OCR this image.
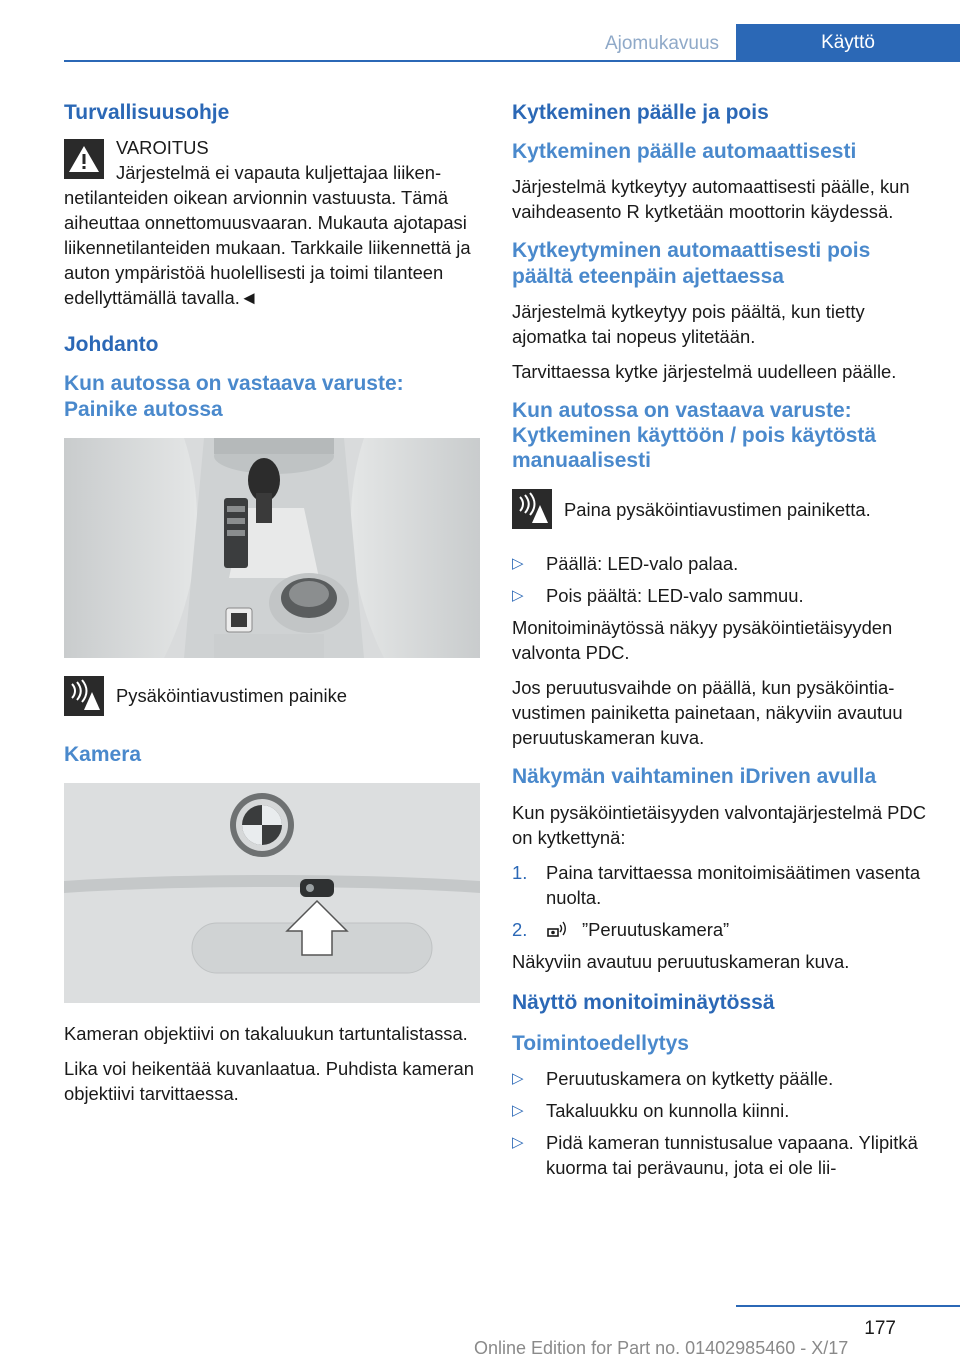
Ajomukavuus	Käyttö
Turvallisuusohje
VAROITUS

Järjestelmä ei vapauta kuljettajaa liikennetilanteiden oikean arvionnin vastuusta. Tämä aiheuttaa onnettomuusvaaran. Mukauta ajotapasi liikennetilanteiden mukaan. Tarkkaile liikennettä ja auton ympäristöä huolellisesti ja toimi tilanteen edellyttämällä tavalla.◄

Johdanto
Kun autossa on vastaava varuste: Painike autossa
Pysäköintiavustimen painike
Kamera

Kameran objektiivi on takaluukun tartuntalistassa.

Lika voi heikentää kuvanlaatua. Puhdista kameran objektiivi tarvittaessa.

Kytkeminen päälle ja pois
Kytkeminen päälle automaattisesti

Järjestelmä kytkeytyy automaattisesti päälle, kun vaihdeasento R kytketään moottorin käydessä.

Kytkeytyminen automaattisesti pois päältä eteenpäin ajettaessa

Järjestelmä kytkeytyy pois päältä, kun tietty ajomatka tai nopeus ylitetään.

Tarvittaessa kytke järjestelmä uudelleen päälle.

Kun autossa on vastaava varuste: Kytkeminen käyttöön / pois käytöstä manuaalisesti
Paina pysäköintiavustimen painiketta.
▷ Päällä: LED-valo palaa.
▷ Pois päältä: LED-valo sammuu.

Monitoiminäytössä näkyy pysäköintietäisyyden valvonta PDC.

Jos peruutusvaihde on päällä, kun pysäköintiavustimen painiketta painetaan, näkyviin avautuu peruutuskameran kuva.

Näkymän vaihtaminen iDriven avulla

Kun pysäköintietäisyyden valvontajärjestelmä PDC on kytkettynä:

1. Paina tarvittaessa monitoimisäätimen vasenta nuolta.
2.	”Peruutuskamera”

Näkyviin avautuu peruutuskameran kuva.

Näyttö monitoiminäytössä
Toimintoedellytys
▷ Peruutuskamera on kytketty päälle.
▷ Takaluukku on kunnolla kiinni.
▷ Pidä kameran tunnistusalue vapaana. Ylipitkä kuorma tai perävaunu, jota ei ole lii-
177
Online Edition for Part no. 01402985460 - X/17
